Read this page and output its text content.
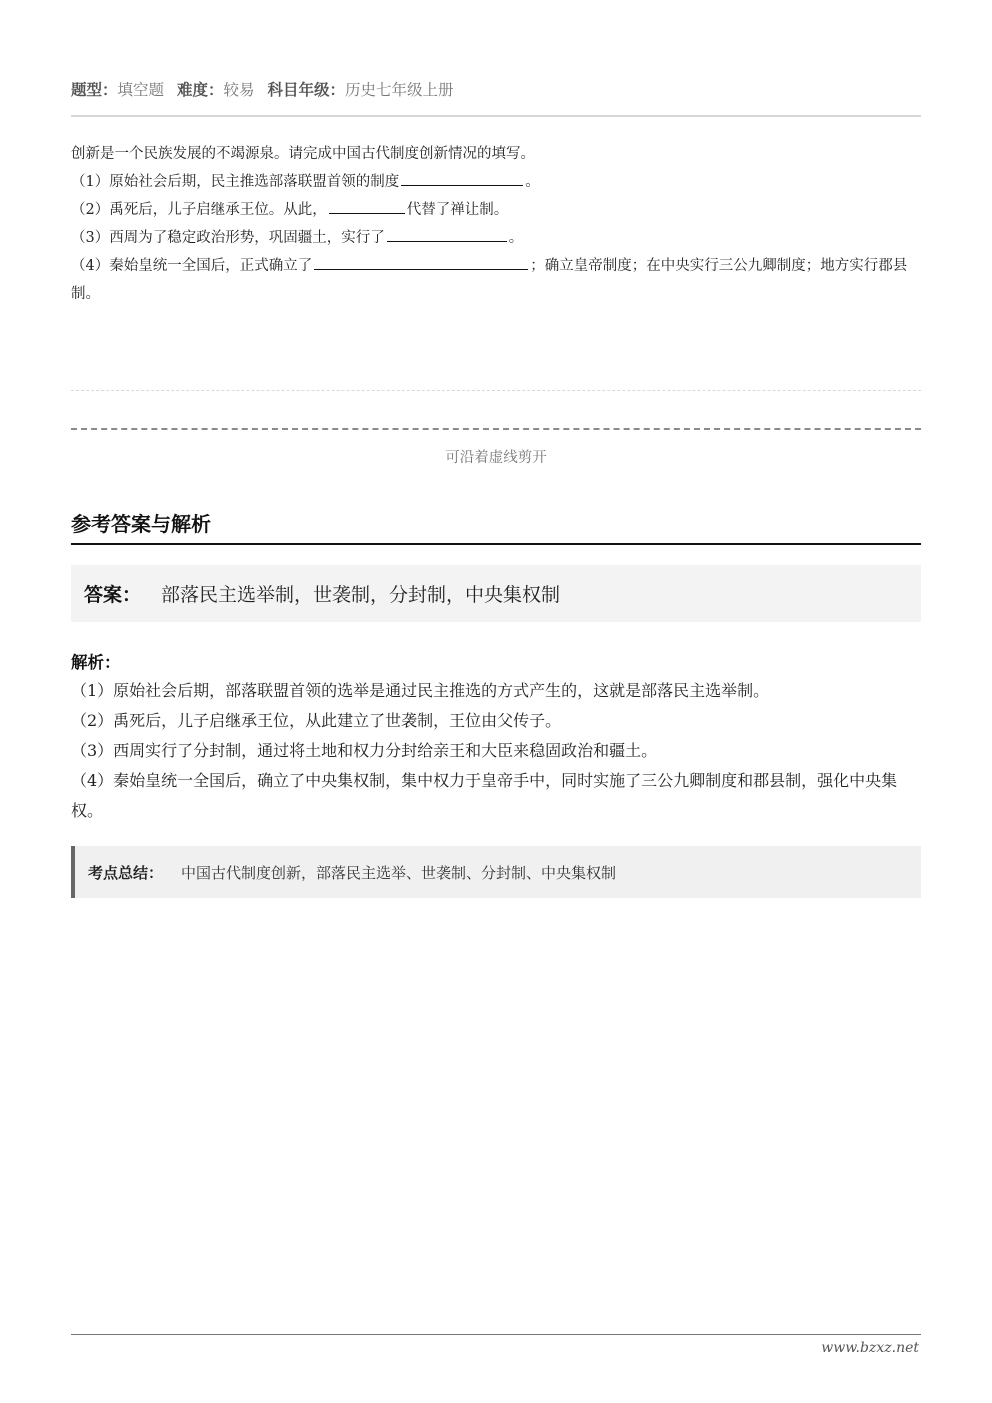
题型：填空题 难度：较易 科目年级：历史七年级上册

创新是一个民族发展的不竭源泉。请完成中国古代制度创新情况的填写。

（1）原始社会后期，民主推选部落联盟首领的制度	。

（2）禹死后，儿子启继承王位。从此，	代替了禅让制。

（3）西周为了稳定政治形势，巩固疆土，实行了	。

（4）秦始皇统一全国后，正式确立了	；确立皇帝制度；在中央实行三公九卿制度；地方实行郡县制。

可沿着虚线剪开
参考答案与解析
答案： 部落民主选举制，世袭制，分封制，中央集权制
解析：

（1）原始社会后期，部落联盟首领的选举是通过民主推选的方式产生的，这就是部落民主选举制。

（2）禹死后，儿子启继承王位，从此建立了世袭制，王位由父传子。

（3）西周实行了分封制，通过将土地和权力分封给亲王和大臣来稳固政治和疆土。

（4）秦始皇统一全国后，确立了中央集权制，集中权力于皇帝手中，同时实施了三公九卿制度和郡县制，强化中央集权。

考点总结： 中国古代制度创新，部落民主选举、世袭制、分封制、中央集权制
www.bzxz.net
